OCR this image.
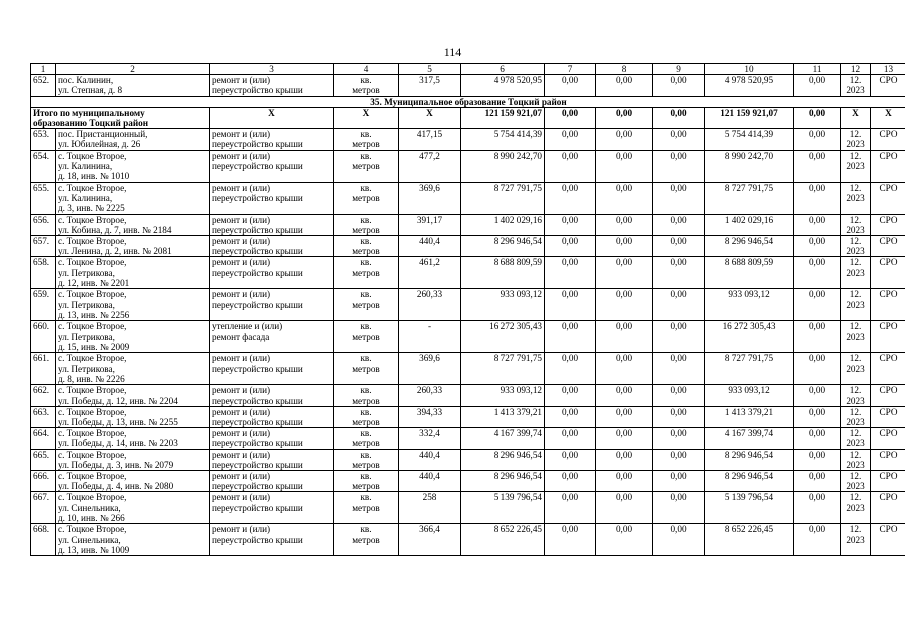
114
1	2	3	4	5	6	7	8	9	10	11	12	13
652.	пос. Калинин,
ул. Степная, д. 8	ремонт и (или)
переустройство крыши	кв.
метров	317,5	4 978 520,95	0,00	0,00	0,00	4 978 520,95	0,00	12.
2023	СРО
35. Муниципальное образование Тоцкий район												
Итого по муниципальному
образованию Тоцкий район		X	X	X	121 159 921,07	0,00	0,00	0,00	121 159 921,07	0,00	X	X
653.	пос. Пристанционный,
ул. Юбилейная, д. 26	ремонт и (или)
переустройство крыши	кв.
метров	417,15	5 754 414,39	0,00	0,00	0,00	5 754 414,39	0,00	12.
2023	СРО
654.	с. Тоцкое Второе,
ул. Калинина,
д. 18, инв. № 1010	ремонт и (или)
переустройство крыши	кв.
метров	477,2	8 990 242,70	0,00	0,00	0,00	8 990 242,70	0,00	12.
2023	СРО
655.	с. Тоцкое Второе,
ул. Калинина,
д. 3, инв. № 2225	ремонт и (или)
переустройство крыши	кв.
метров	369,6	8 727 791,75	0,00	0,00	0,00	8 727 791,75	0,00	12.
2023	СРО
656.	с. Тоцкое Второе,
ул. Кобина, д. 7, инв. № 2184	ремонт и (или)
переустройство крыши	кв.
метров	391,17	1 402 029,16	0,00	0,00	0,00	1 402 029,16	0,00	12.
2023	СРО
657.	с. Тоцкое Второе,
ул. Ленина, д. 2, инв. № 2081	ремонт и (или)
переустройство крыши	кв.
метров	440,4	8 296 946,54	0,00	0,00	0,00	8 296 946,54	0,00	12.
2023	СРО
658.	с. Тоцкое Второе,
ул. Петрикова,
д. 12, инв. № 2201	ремонт и (или)
переустройство крыши	кв.
метров	461,2	8 688 809,59	0,00	0,00	0,00	8 688 809,59	0,00	12.
2023	СРО
659.	с. Тоцкое Второе,
ул. Петрикова,
д. 13, инв. № 2256	ремонт и (или)
переустройство крыши	кв.
метров	260,33	933 093,12	0,00	0,00	0,00	933 093,12	0,00	12.
2023	СРО
660.	с. Тоцкое Второе,
ул. Петрикова,
д. 15, инв. № 2009	утепление и (или)
ремонт фасада	кв.
метров	-	16 272 305,43	0,00	0,00	0,00	16 272 305,43	0,00	12.
2023	СРО
661.	с. Тоцкое Второе,
ул. Петрикова,
д. 8, инв. № 2226	ремонт и (или)
переустройство крыши	кв.
метров	369,6	8 727 791,75	0,00	0,00	0,00	8 727 791,75	0,00	12.
2023	СРО
662.	с. Тоцкое Второе,
ул. Победы, д. 12, инв. № 2204	ремонт и (или)
переустройство крыши	кв.
метров	260,33	933 093,12	0,00	0,00	0,00	933 093,12	0,00	12.
2023	СРО
663.	с. Тоцкое Второе,
ул. Победы, д. 13, инв. № 2255	ремонт и (или)
переустройство крыши	кв.
метров	394,33	1 413 379,21	0,00	0,00	0,00	1 413 379,21	0,00	12.
2023	СРО
664.	с. Тоцкое Второе,
ул. Победы, д. 14, инв. № 2203	ремонт и (или)
переустройство крыши	кв.
метров	332,4	4 167 399,74	0,00	0,00	0,00	4 167 399,74	0,00	12.
2023	СРО
665.	с. Тоцкое Второе,
ул. Победы, д. 3, инв. № 2079	ремонт и (или)
переустройство крыши	кв.
метров	440,4	8 296 946,54	0,00	0,00	0,00	8 296 946,54	0,00	12.
2023	СРО
666.	с. Тоцкое Второе,
ул. Победы, д. 4, инв. № 2080	ремонт и (или)
переустройство крыши	кв.
метров	440,4	8 296 946,54	0,00	0,00	0,00	8 296 946,54	0,00	12.
2023	СРО
667.	с. Тоцкое Второе,
ул. Синельника,
д. 10, инв. № 266	ремонт и (или)
переустройство крыши	кв.
метров	258	5 139 796,54	0,00	0,00	0,00	5 139 796,54	0,00	12.
2023	СРО
668.	с. Тоцкое Второе,
ул. Синельника,
д. 13, инв. № 1009	ремонт и (или)
переустройство крыши	кв.
метров	366,4	8 652 226,45	0,00	0,00	0,00	8 652 226,45	0,00	12.
2023	СРО
